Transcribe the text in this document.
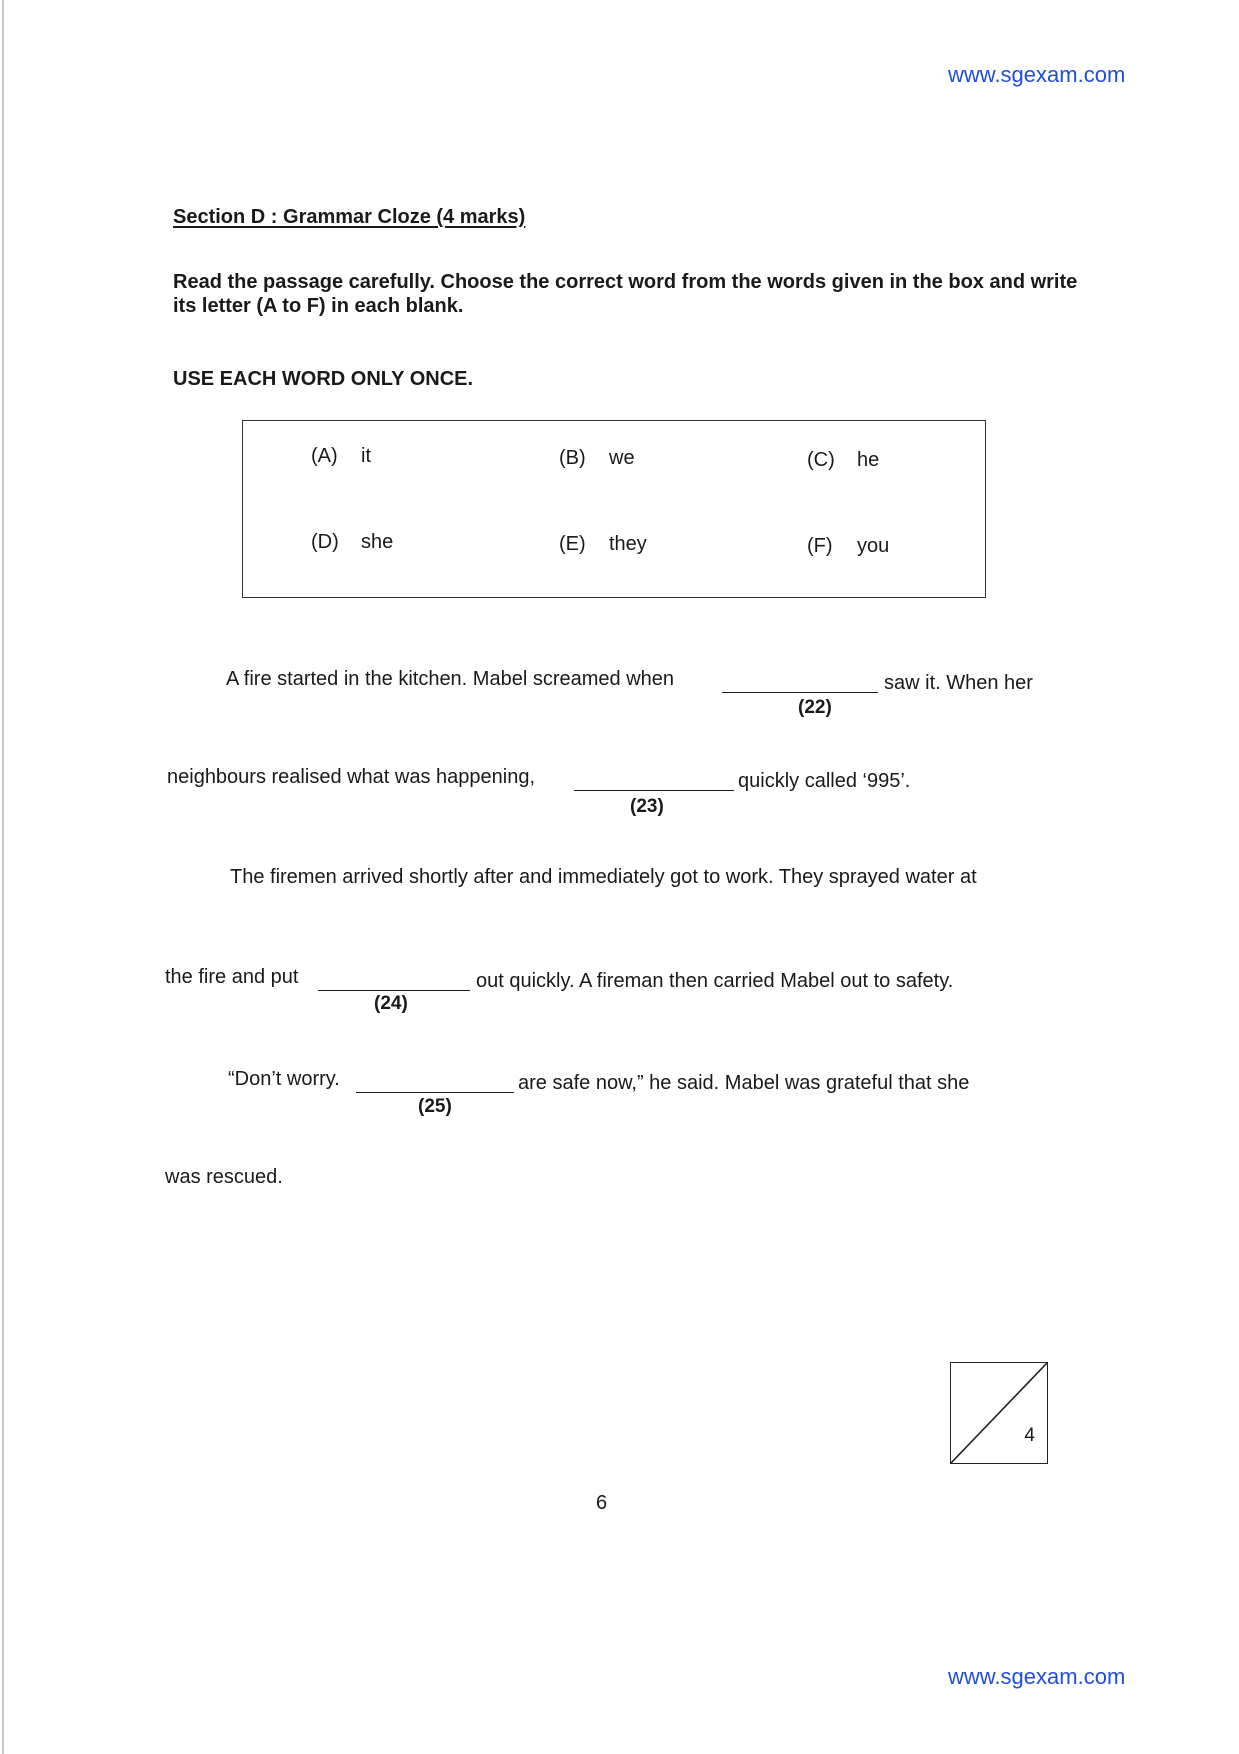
www.sgexam.com
Section D : Grammar Cloze (4 marks)
Read the passage carefully. Choose the correct word from the words given in the box and write its letter (A to F) in each blank.
USE EACH WORD ONLY ONCE.
(A) it	(B) we	(C) he
(D) she	(E) they	(F) you
A fire started in the kitchen. Mabel screamed when	saw it. When her
(22)
neighbours realised what was happening,	quickly called ‘995’.
(23)
The firemen arrived shortly after and immediately got to work. They sprayed water at
the fire and put	out quickly. A fireman then carried Mabel out to safety.
(24)
“Don’t worry.	are safe now,” he said. Mabel was grateful that she
(25)
was rescued.
4
6
www.sgexam.com
